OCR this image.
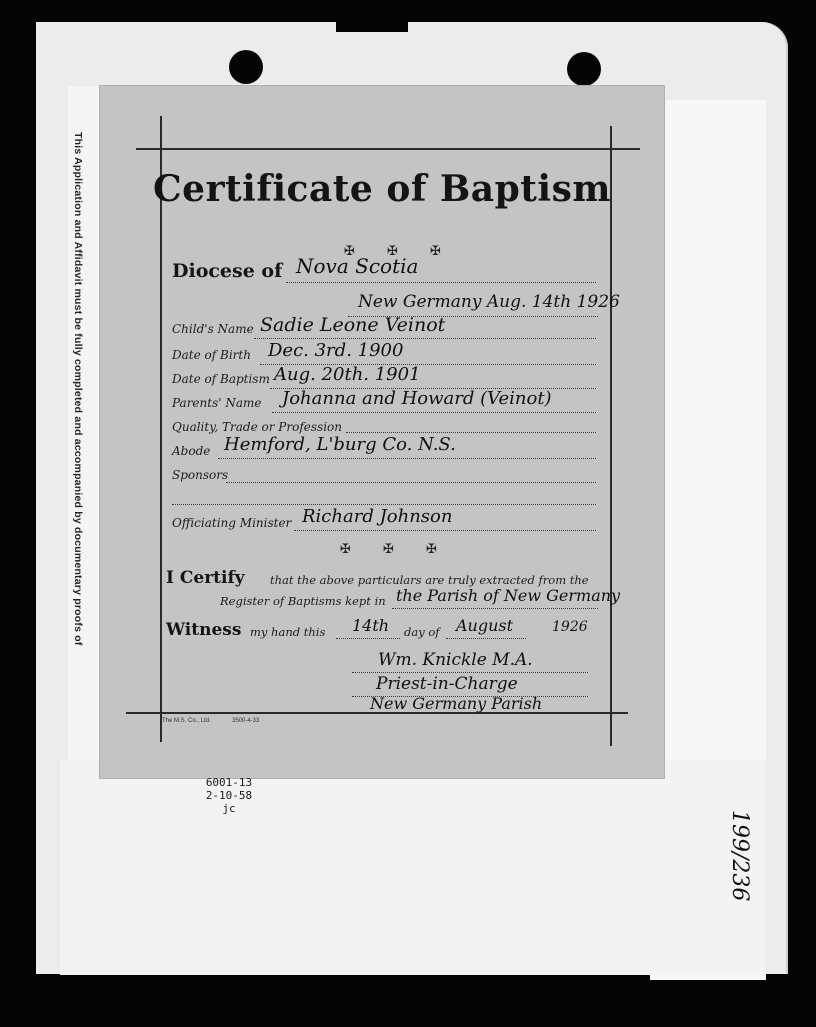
This Application and Affidavit must be fully completed and accompanied by documentary proofs of	Certificate of Baptism
✠ ✠ ✠
Diocese of Nova Scotia
New Germany Aug. 14th 1926
Child's Name Sadie Leone Veinot
Date of Birth Dec. 3rd. 1900
Date of Baptism Aug. 20th. 1901
Parents' Name Johanna and Howard (Veinot)
Quality, Trade or Profession
Abode Hemford, L'burg Co. N.S.
Sponsors
Officiating Minister Richard Johnson
✠ ✠ ✠
I Certify that the above particulars are truly extracted from the
Register of Baptisms kept in the Parish of New Germany
Witness my hand this 14th day of August	1926
Wm. Knickle M.A.
Priest-in-Charge
New Germany Parish
The M.S. Co., Ltd.	3500-4-33
6001-13
2-10-58
jc
199/236
